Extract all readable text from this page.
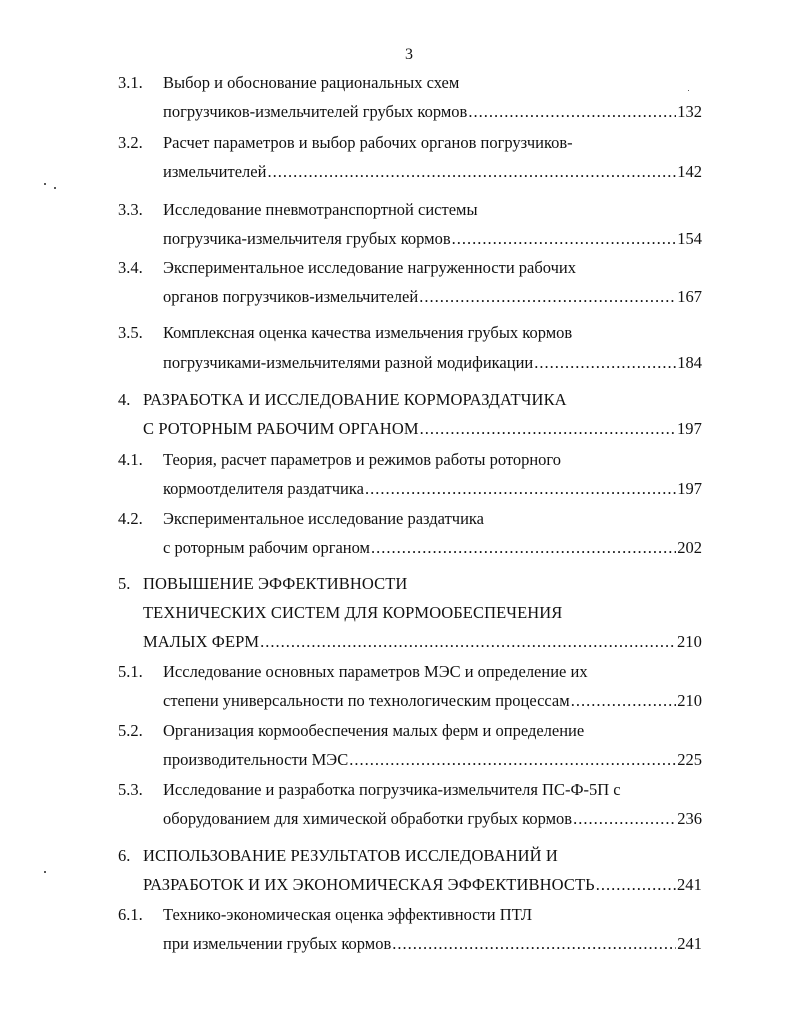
3
3.1. Выбор и обоснование рациональных схем
погрузчиков-измельчителей грубых кормов .....	132
3.2. Расчет параметров и выбор рабочих органов погрузчиков-
измельчителей .....	142
3.3. Исследование пневмотранспортной системы
погрузчика-измельчителя грубых кормов .....	154
3.4. Экспериментальное исследование нагруженности рабочих
органов погрузчиков-измельчителей .....	167
3.5. Комплексная оценка качества измельчения грубых кормов
погрузчиками-измельчителями разной модификации .....	184
4. РАЗРАБОТКА И ИССЛЕДОВАНИЕ КОРМОРАЗДАТЧИКА
С РОТОРНЫМ РАБОЧИМ ОРГАНОМ .....	197
4.1. Теория, расчет параметров и режимов работы роторного
кормоотделителя раздатчика .....	197
4.2. Экспериментальное исследование раздатчика
с роторным рабочим органом .....	202
5. ПОВЫШЕНИЕ ЭФФЕКТИВНОСТИ
ТЕХНИЧЕСКИХ СИСТЕМ ДЛЯ КОРМООБЕСПЕЧЕНИЯ
МАЛЫХ ФЕРМ .....	210
5.1. Исследование основных параметров МЭС и определение их
степени универсальности по технологическим процессам .....	210
5.2. Организация кормообеспечения малых ферм и определение
производительности МЭС .....	225
5.3. Исследование и разработка погрузчика-измельчителя ПС-Ф-5П с
оборудованием для химической обработки грубых кормов .....	236
6. ИСПОЛЬЗОВАНИЕ РЕЗУЛЬТАТОВ ИССЛЕДОВАНИЙ И
РАЗРАБОТОК И ИХ ЭКОНОМИЧЕСКАЯ ЭФФЕКТИВНОСТЬ .....	241
6.1. Технико-экономическая оценка эффективности ПТЛ
при измельчении грубых кормов .....	241
